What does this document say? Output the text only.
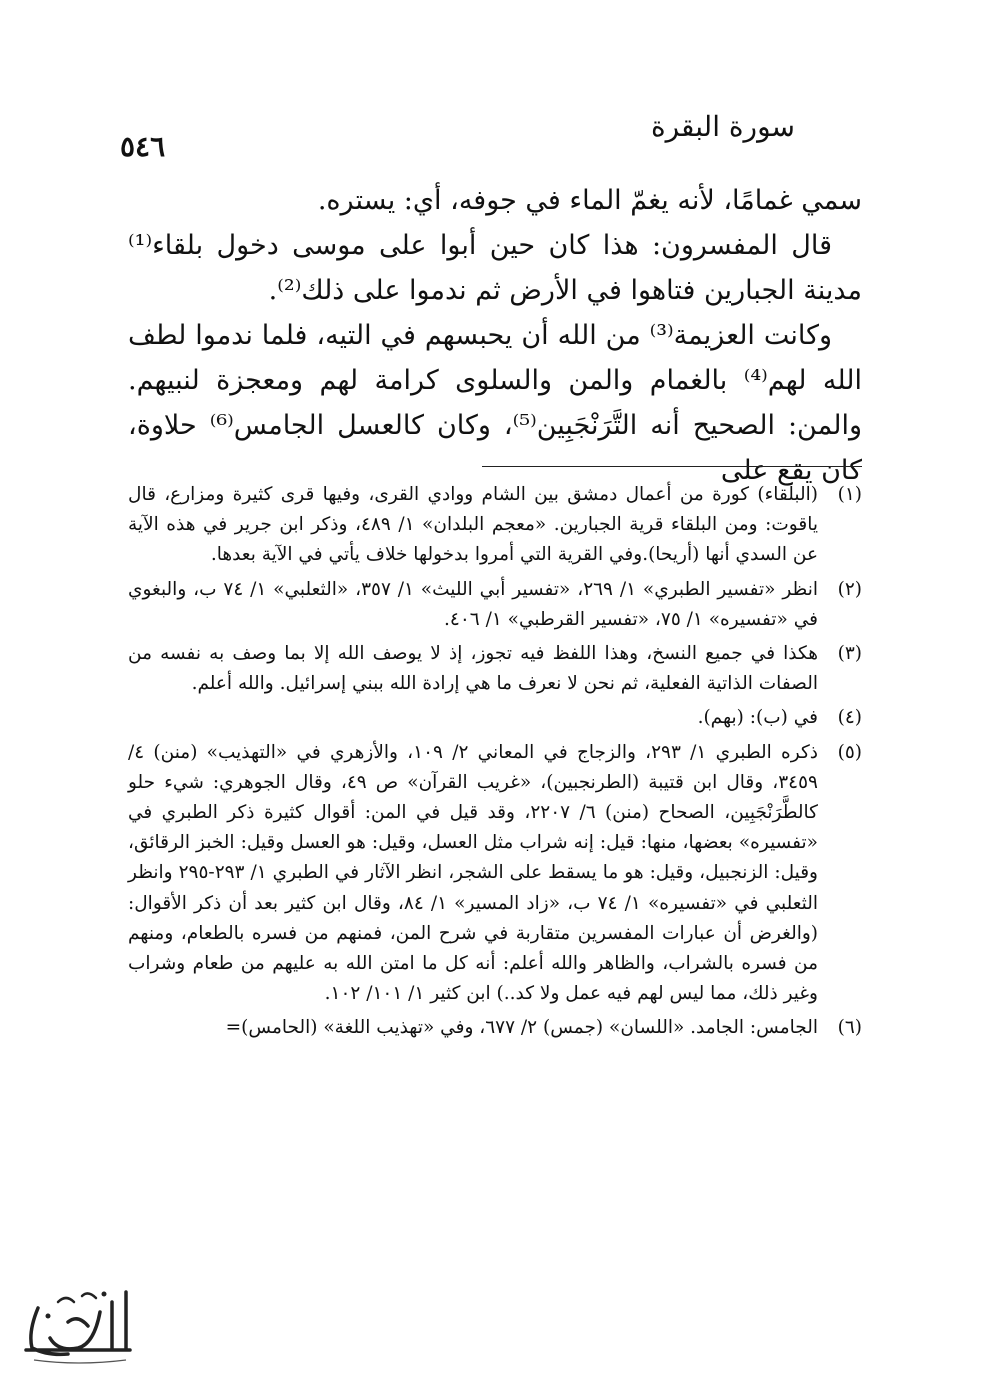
٥٤٦
سورة البقرة

سمي غمامًا، لأنه يغمّ الماء في جوفه، أي: يستره.

قال المفسرون: هذا كان حين أبوا على موسى دخول بلقاء⁽¹⁾ مدينة الجبارين فتاهوا في الأرض ثم ندموا على ذلك⁽²⁾.

وكانت العزيمة⁽³⁾ من الله أن يحبسهم في التيه، فلما ندموا لطف الله لهم⁽⁴⁾ بالغمام والمن والسلوى كرامة لهم ومعجزة لنبيهم. والمن: الصحيح أنه التَّرَنْجَبِين⁽⁵⁾، وكان كالعسل الجامس⁽⁶⁾ حلاوة، كان يقع على

(١)
(البلقاء) كورة من أعمال دمشق بين الشام ووادي القرى، وفيها قرى كثيرة ومزارع، قال ياقوت: ومن البلقاء قرية الجبارين. «معجم البلدان» ١/ ٤٨٩، وذكر ابن جرير في هذه الآية عن السدي أنها (أريحا).وفي القرية التي أمروا بدخولها خلاف يأتي في الآية بعدها.
(٢)
انظر «تفسير الطبري» ١/ ٢٦٩، «تفسير أبي الليث» ١/ ٣٥٧، «الثعلبي» ١/ ٧٤ ب، والبغوي في «تفسيره» ١/ ٧٥، «تفسير القرطبي» ١/ ٤٠٦.
(٣)
هكذا في جميع النسخ، وهذا اللفظ فيه تجوز، إذ لا يوصف الله إلا بما وصف به نفسه من الصفات الذاتية الفعلية، ثم نحن لا نعرف ما هي إرادة الله ببني إسرائيل. والله أعلم.
(٤)
في (ب): (بهم).
(٥)
ذكره الطبري ١/ ٢٩٣، والزجاج في المعاني ٢/ ١٠٩، والأزهري في «التهذيب» (منن) ٤/ ٣٤٥٩، وقال ابن قتيبة (الطرنجبين)، «غريب القرآن» ص ٤٩، وقال الجوهري: شيء حلو كالطَّرَنْجَبِين، الصحاح (منن) ٦/ ٢٢٠٧، وقد قيل في المن: أقوال كثيرة ذكر الطبري في «تفسيره» بعضها، منها: قيل: إنه شراب مثل العسل، وقيل: هو العسل وقيل: الخبز الرقائق، وقيل: الزنجبيل، وقيل: هو ما يسقط على الشجر، انظر الآثار في الطبري ١/ ٢٩٣-٢٩٥ وانظر الثعلبي في «تفسيره» ١/ ٧٤ ب، «زاد المسير» ١/ ٨٤، وقال ابن كثير بعد أن ذكر الأقوال: (والغرض أن عبارات المفسرين متقاربة في شرح المن، فمنهم من فسره بالطعام، ومنهم من فسره بالشراب، والظاهر والله أعلم: أنه كل ما امتن الله به عليهم من طعام وشراب وغير ذلك، مما ليس لهم فيه عمل ولا كد..) ابن كثير ١/ ١٠١/ ١٠٢.
(٦)
الجامس: الجامد. «اللسان» (جمس) ٢/ ٦٧٧، وفي «تهذيب اللغة» (الحامس)=
